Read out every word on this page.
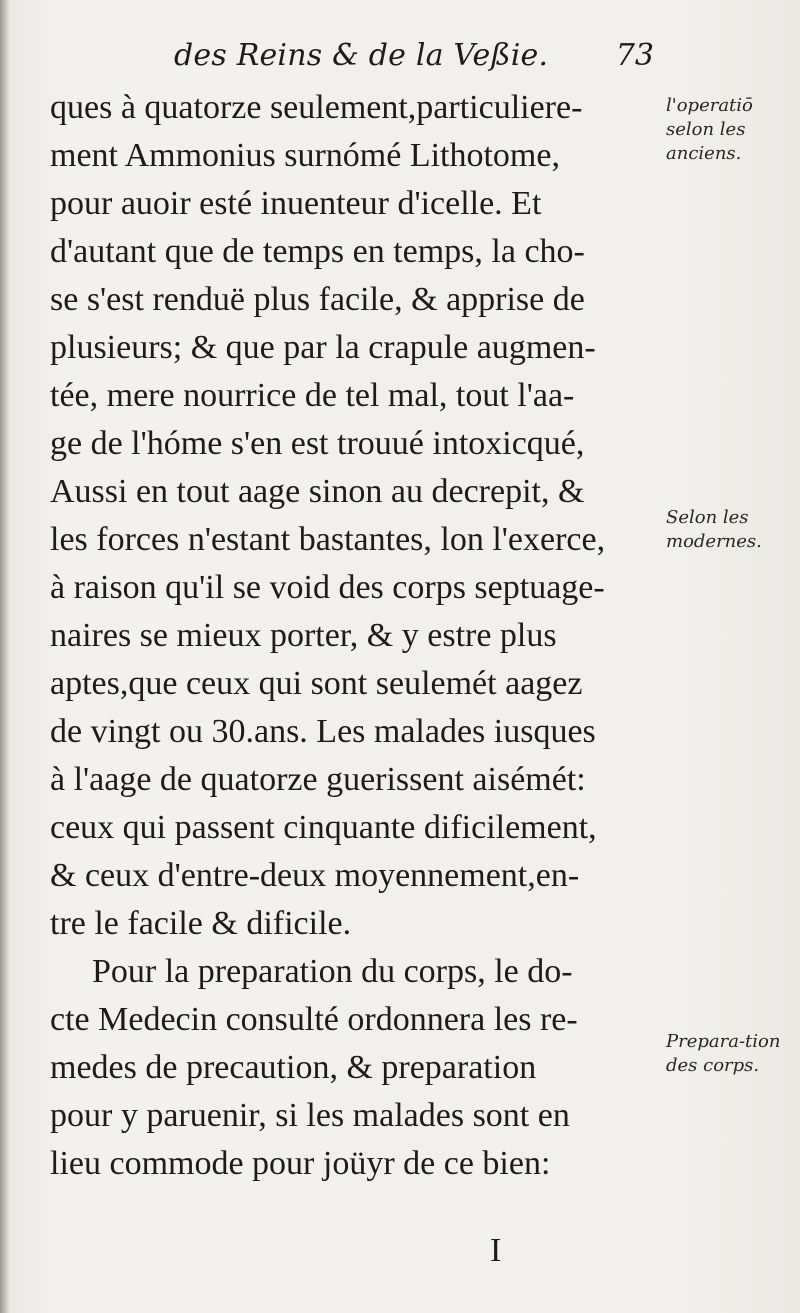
des Reins & de la Veßie. 73
ques à quatorze seulement,particuliere-
ment Ammonius surnómé Lithotome,
pour auoir esté inuenteur d'icelle. Et
d'autant que de temps en temps, la cho-
se s'est renduë plus facile, & apprise de
plusieurs; & que par la crapule augmen-
tée, mere nourrice de tel mal, tout l'aa-
ge de l'hóme s'en est trouué intoxicqué,
Aussi en tout aage sinon au decrepit, &
les forces n'estant bastantes, lon l'exerce,
à raison qu'il se void des corps septuage-
naires se mieux porter, & y estre plus
aptes,que ceux qui sont seulemét aagez
de vingt ou 30.ans. Les malades iusques
à l'aage de quatorze guerissent aisémét:
ceux qui passent cinquante dificilement,
& ceux d'entre-deux moyennement,en-
tre le facile & dificile.
Pour la preparation du corps, le do-
cte Medecin consulté ordonnera les re-
medes de precaution, & preparation
pour y paruenir, si les malades sont en
lieu commode pour joüyr de ce bien:
l'operatiō selon les anciens.
Selon les modernes.
Prepara-tion des corps.
I
